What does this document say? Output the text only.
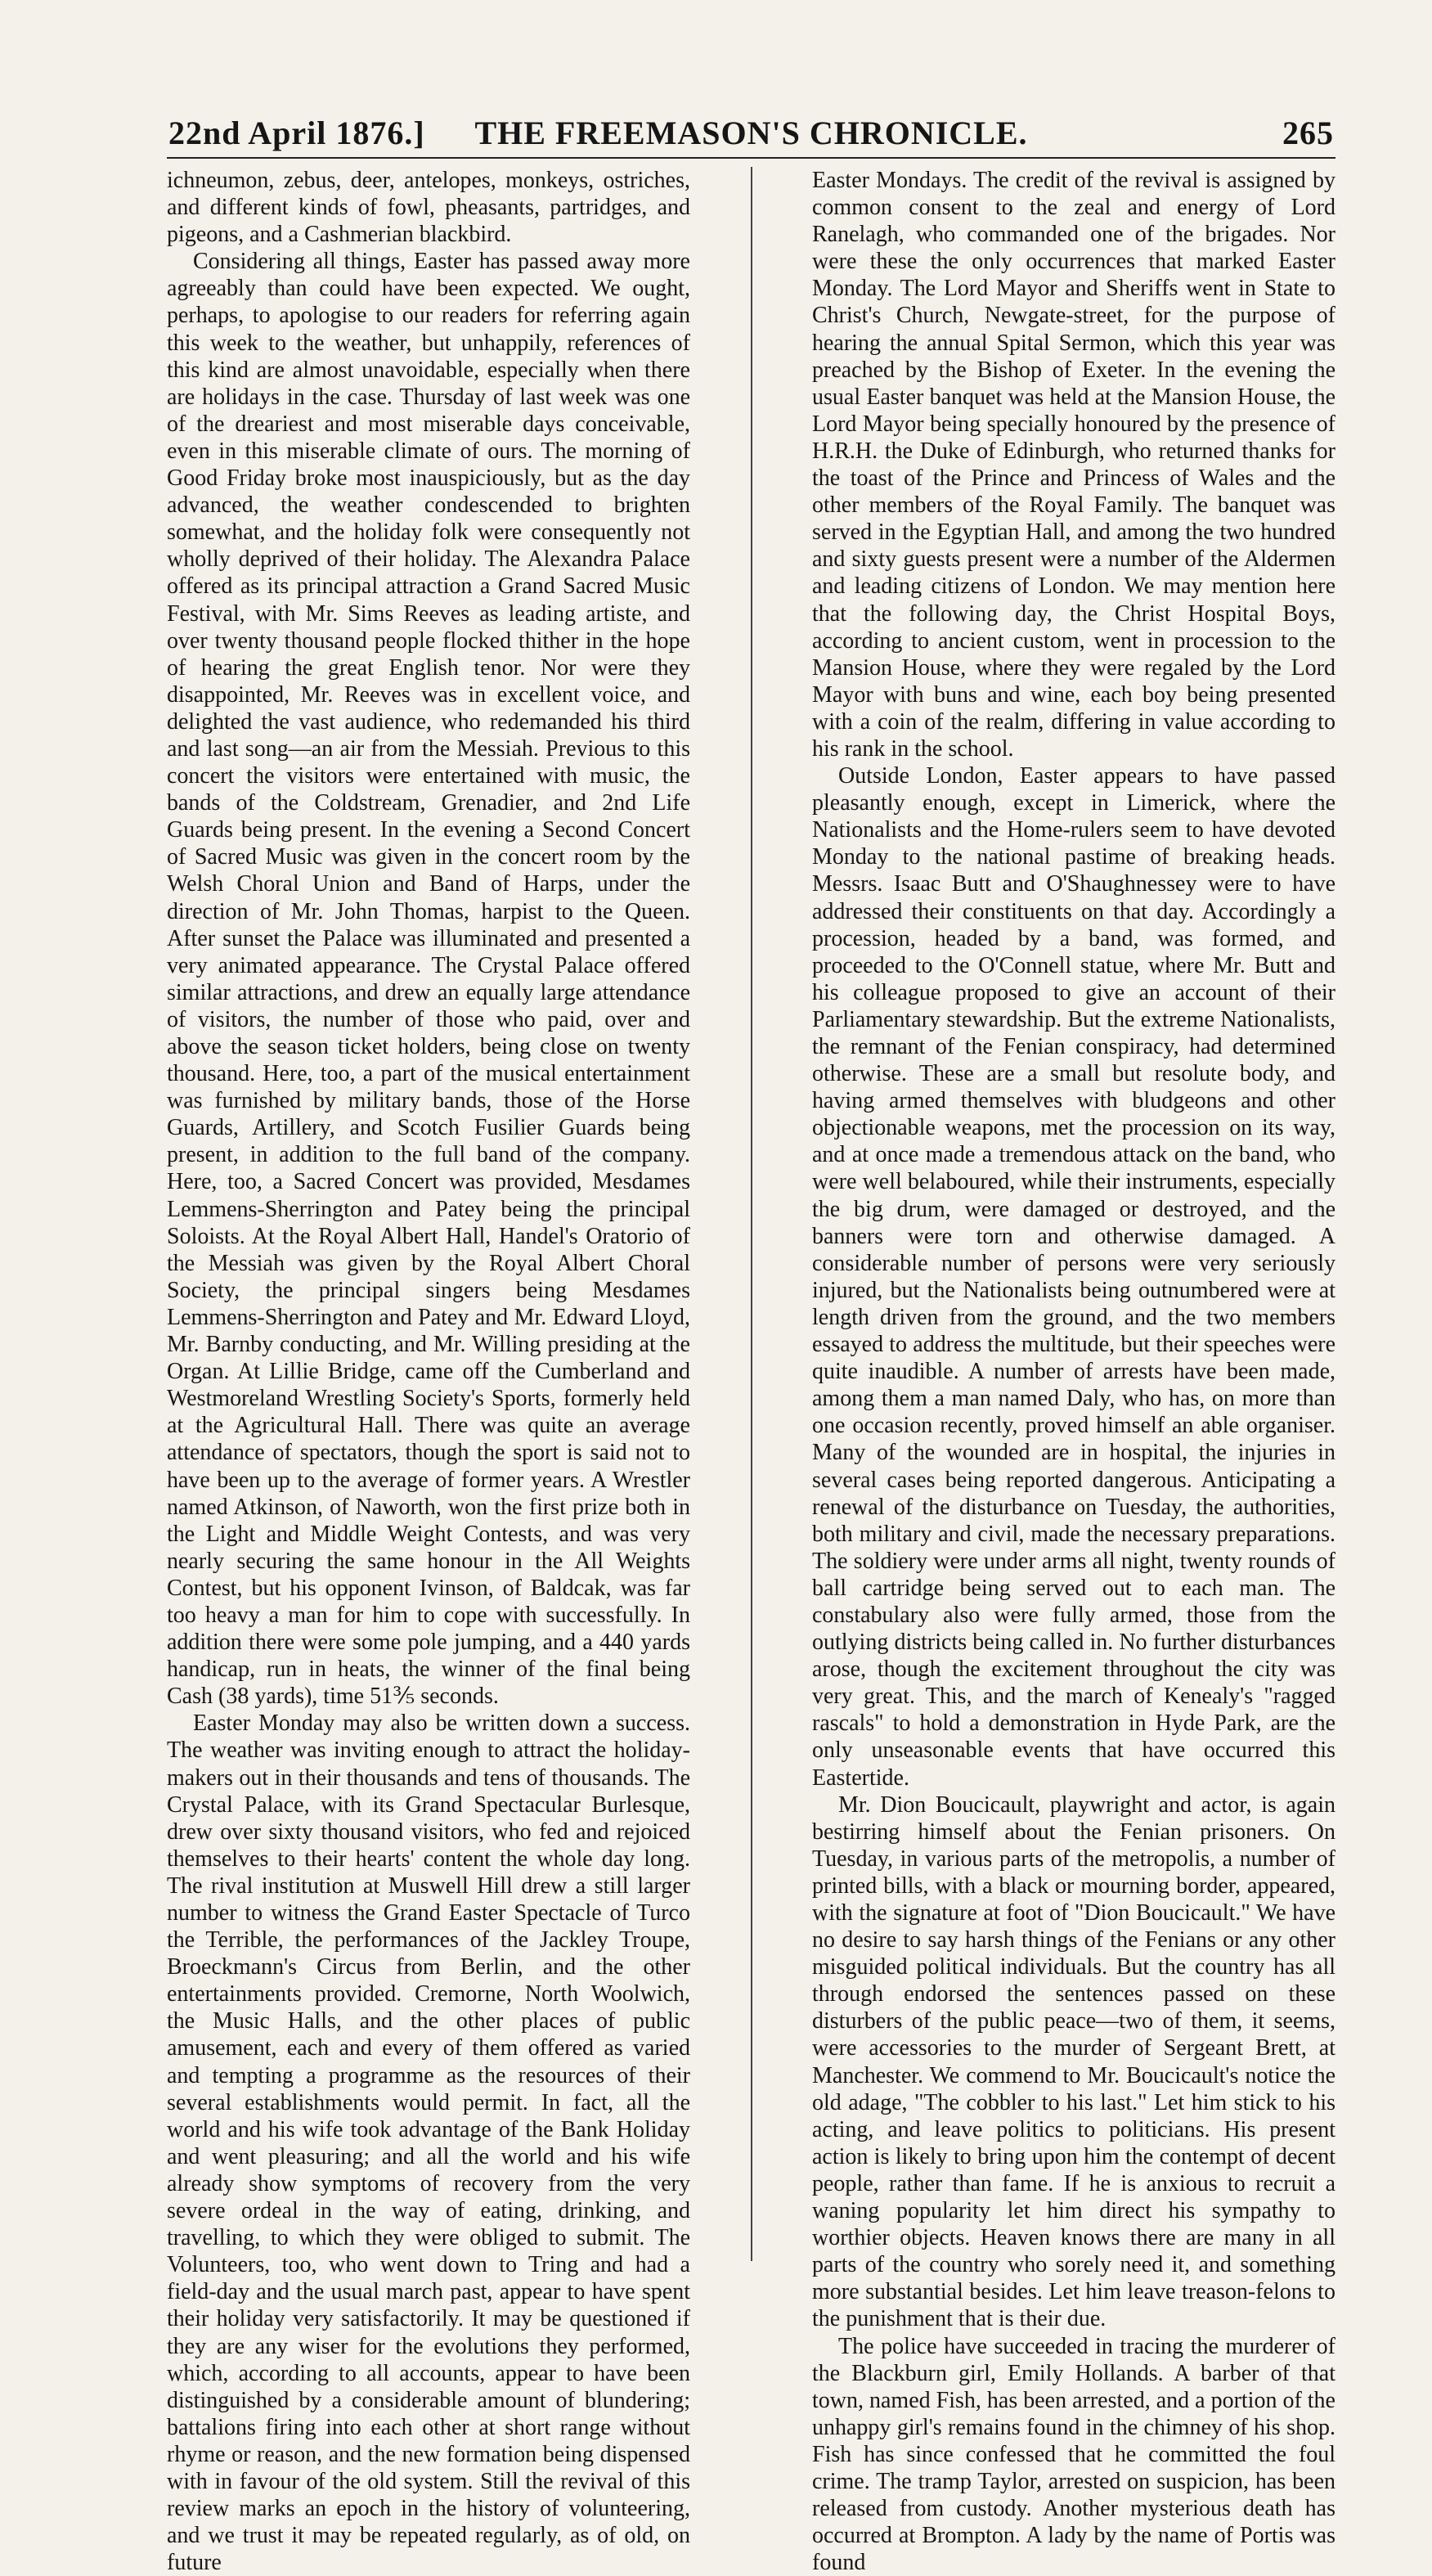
22nd April 1876.]	THE FREEMASON'S CHRONICLE.	265

ichneumon, zebus, deer, antelopes, monkeys, ostriches, and different kinds of fowl, pheasants, partridges, and pigeons, and a Cashmerian blackbird.

Considering all things, Easter has passed away more agreeably than could have been expected. We ought, perhaps, to apologise to our readers for referring again this week to the weather, but unhappily, references of this kind are almost unavoidable, especially when there are holidays in the case. Thursday of last week was one of the dreariest and most miserable days conceivable, even in this miserable climate of ours. The morning of Good Friday broke most inauspiciously, but as the day advanced, the weather condescended to brighten somewhat, and the holiday folk were consequently not wholly deprived of their holiday. The Alexandra Palace offered as its principal attraction a Grand Sacred Music Festival, with Mr. Sims Reeves as leading artiste, and over twenty thousand people flocked thither in the hope of hearing the great English tenor. Nor were they disappointed, Mr. Reeves was in excellent voice, and delighted the vast audience, who redemanded his third and last song—an air from the Messiah. Previous to this concert the visitors were entertained with music, the bands of the Coldstream, Grenadier, and 2nd Life Guards being present. In the evening a Second Concert of Sacred Music was given in the concert room by the Welsh Choral Union and Band of Harps, under the direction of Mr. John Thomas, harpist to the Queen. After sunset the Palace was illuminated and presented a very animated appearance. The Crystal Palace offered similar attractions, and drew an equally large attendance of visitors, the number of those who paid, over and above the season ticket holders, being close on twenty thousand. Here, too, a part of the musical entertainment was furnished by military bands, those of the Horse Guards, Artillery, and Scotch Fusilier Guards being present, in addition to the full band of the company. Here, too, a Sacred Concert was provided, Mesdames Lemmens-Sherrington and Patey being the principal Soloists. At the Royal Albert Hall, Handel's Oratorio of the Messiah was given by the Royal Albert Choral Society, the principal singers being Mesdames Lemmens-Sherrington and Patey and Mr. Edward Lloyd, Mr. Barnby conducting, and Mr. Willing presiding at the Organ. At Lillie Bridge, came off the Cumberland and Westmoreland Wrestling Society's Sports, formerly held at the Agricultural Hall. There was quite an average attendance of spectators, though the sport is said not to have been up to the average of former years. A Wrestler named Atkinson, of Naworth, won the first prize both in the Light and Middle Weight Contests, and was very nearly securing the same honour in the All Weights Contest, but his opponent Ivinson, of Baldcak, was far too heavy a man for him to cope with successfully. In addition there were some pole jumping, and a 440 yards handicap, run in heats, the winner of the final being Cash (38 yards), time 51⅗ seconds.

Easter Monday may also be written down a success. The weather was inviting enough to attract the holiday-makers out in their thousands and tens of thousands. The Crystal Palace, with its Grand Spectacular Burlesque, drew over sixty thousand visitors, who fed and rejoiced themselves to their hearts' content the whole day long. The rival institution at Muswell Hill drew a still larger number to witness the Grand Easter Spectacle of Turco the Terrible, the performances of the Jackley Troupe, Broeckmann's Circus from Berlin, and the other entertainments provided. Cremorne, North Woolwich, the Music Halls, and the other places of public amusement, each and every of them offered as varied and tempting a programme as the resources of their several establishments would permit. In fact, all the world and his wife took advantage of the Bank Holiday and went pleasuring; and all the world and his wife already show symptoms of recovery from the very severe ordeal in the way of eating, drinking, and travelling, to which they were obliged to submit. The Volunteers, too, who went down to Tring and had a field-day and the usual march past, appear to have spent their holiday very satisfactorily. It may be questioned if they are any wiser for the evolutions they performed, which, according to all accounts, appear to have been distinguished by a considerable amount of blundering; battalions firing into each other at short range without rhyme or reason, and the new formation being dispensed with in favour of the old system. Still the revival of this review marks an epoch in the history of volunteering, and we trust it may be repeated regularly, as of old, on future

Easter Mondays. The credit of the revival is assigned by common consent to the zeal and energy of Lord Ranelagh, who commanded one of the brigades. Nor were these the only occurrences that marked Easter Monday. The Lord Mayor and Sheriffs went in State to Christ's Church, Newgate-street, for the purpose of hearing the annual Spital Sermon, which this year was preached by the Bishop of Exeter. In the evening the usual Easter banquet was held at the Mansion House, the Lord Mayor being specially honoured by the presence of H.R.H. the Duke of Edinburgh, who returned thanks for the toast of the Prince and Princess of Wales and the other members of the Royal Family. The banquet was served in the Egyptian Hall, and among the two hundred and sixty guests present were a number of the Aldermen and leading citizens of London. We may mention here that the following day, the Christ Hospital Boys, according to ancient custom, went in procession to the Mansion House, where they were regaled by the Lord Mayor with buns and wine, each boy being presented with a coin of the realm, differing in value according to his rank in the school.

Outside London, Easter appears to have passed pleasantly enough, except in Limerick, where the Nationalists and the Home-rulers seem to have devoted Monday to the national pastime of breaking heads. Messrs. Isaac Butt and O'Shaughnessey were to have addressed their constituents on that day. Accordingly a procession, headed by a band, was formed, and proceeded to the O'Connell statue, where Mr. Butt and his colleague proposed to give an account of their Parliamentary stewardship. But the extreme Nationalists, the remnant of the Fenian conspiracy, had determined otherwise. These are a small but resolute body, and having armed themselves with bludgeons and other objectionable weapons, met the procession on its way, and at once made a tremendous attack on the band, who were well belaboured, while their instruments, especially the big drum, were damaged or destroyed, and the banners were torn and otherwise damaged. A considerable number of persons were very seriously injured, but the Nationalists being outnumbered were at length driven from the ground, and the two members essayed to address the multitude, but their speeches were quite inaudible. A number of arrests have been made, among them a man named Daly, who has, on more than one occasion recently, proved himself an able organiser. Many of the wounded are in hospital, the injuries in several cases being reported dangerous. Anticipating a renewal of the disturbance on Tuesday, the authorities, both military and civil, made the necessary preparations. The soldiery were under arms all night, twenty rounds of ball cartridge being served out to each man. The constabulary also were fully armed, those from the outlying districts being called in. No further disturbances arose, though the excitement throughout the city was very great. This, and the march of Kenealy's "ragged rascals" to hold a demonstration in Hyde Park, are the only unseasonable events that have occurred this Eastertide.

Mr. Dion Boucicault, playwright and actor, is again bestirring himself about the Fenian prisoners. On Tuesday, in various parts of the metropolis, a number of printed bills, with a black or mourning border, appeared, with the signature at foot of "Dion Boucicault." We have no desire to say harsh things of the Fenians or any other misguided political individuals. But the country has all through endorsed the sentences passed on these disturbers of the public peace—two of them, it seems, were accessories to the murder of Sergeant Brett, at Manchester. We commend to Mr. Boucicault's notice the old adage, "The cobbler to his last." Let him stick to his acting, and leave politics to politicians. His present action is likely to bring upon him the contempt of decent people, rather than fame. If he is anxious to recruit a waning popularity let him direct his sympathy to worthier objects. Heaven knows there are many in all parts of the country who sorely need it, and something more substantial besides. Let him leave treason-felons to the punishment that is their due.

The police have succeeded in tracing the murderer of the Blackburn girl, Emily Hollands. A barber of that town, named Fish, has been arrested, and a portion of the unhappy girl's remains found in the chimney of his shop. Fish has since confessed that he committed the foul crime. The tramp Taylor, arrested on suspicion, has been released from custody. Another mysterious death has occurred at Brompton. A lady by the name of Portis was found
